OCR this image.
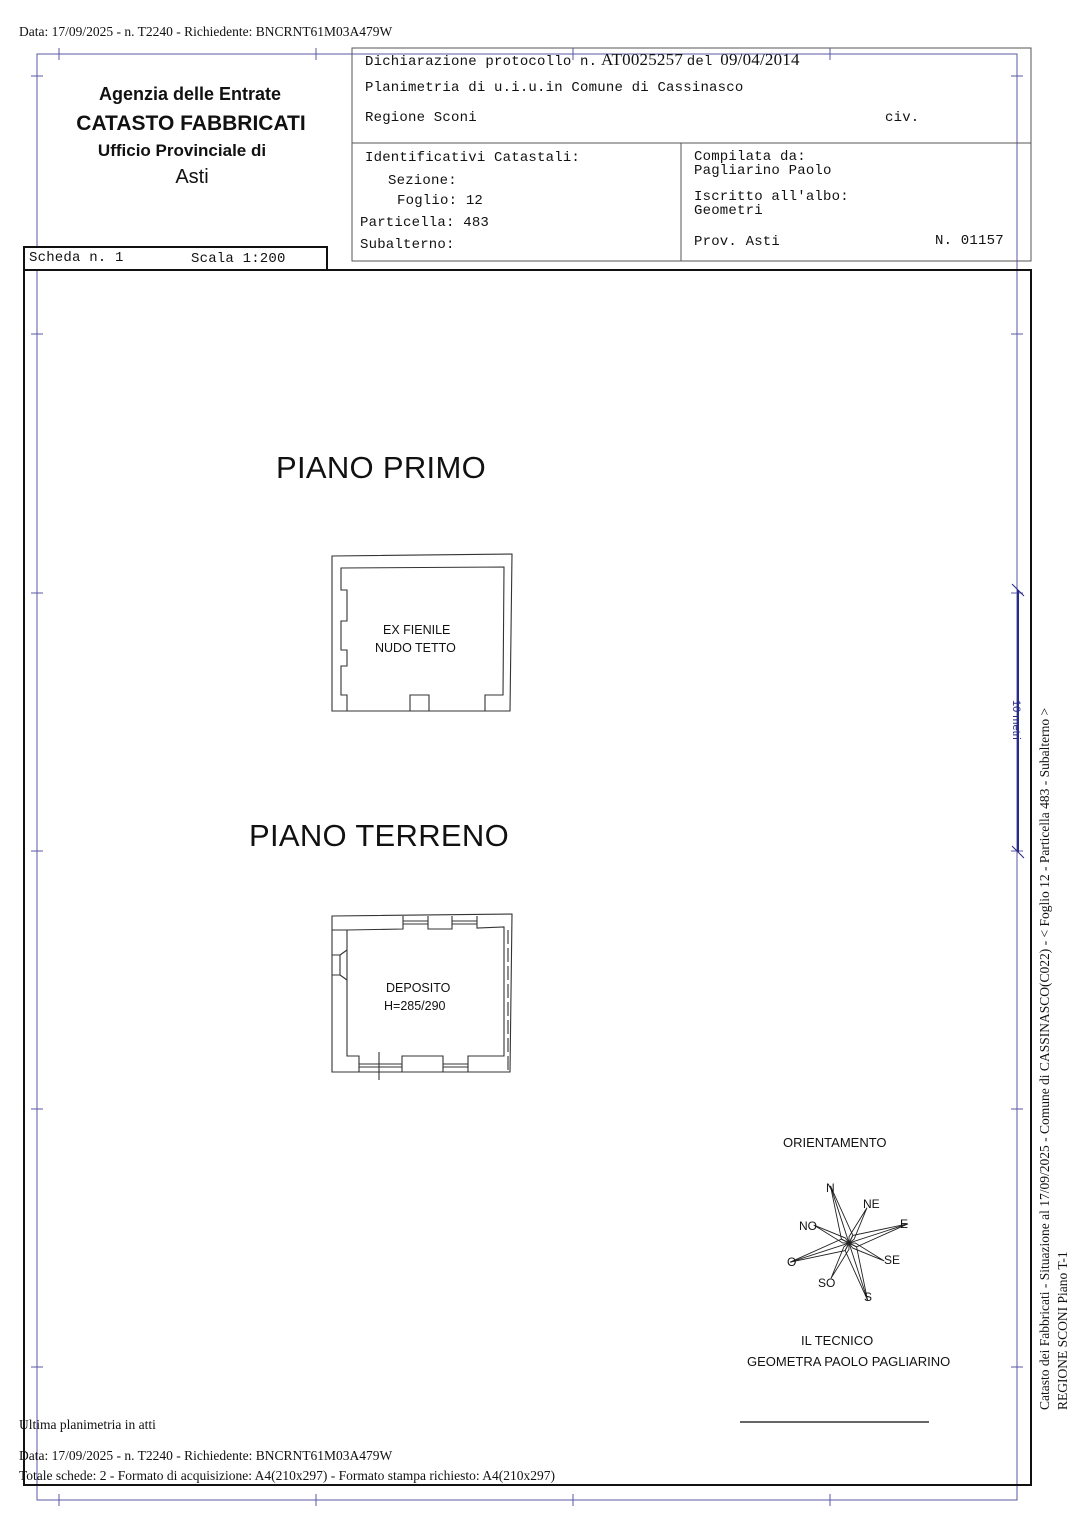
Data: 17/09/2025 - n. T2240 - Richiedente: BNCRNT61M03A479W
Agenzia delle Entrate
CATASTO FABBRICATI
Ufficio Provinciale di
Asti
Scheda n. 1	Scala 1:200
Dichiarazione protocollo n. AT0025257 del 09/04/2014
Planimetria di u.i.u.in Comune di Cassinasco
Regione Sconi	civ.
Identificativi Catastali:
Sezione:
Foglio: 12
Particella: 483
Subalterno:
Compilata da:
Pagliarino Paolo
Iscritto all'albo:
Geometri
Prov. Asti	N. 01157
PIANO PRIMO
EX FIENILE
NUDO TETTO
PIANO TERRENO
DEPOSITO
H=285/290
ORIENTAMENTO
N
NE
E
SE
S
SO
O
NO
IL TECNICO
GEOMETRA PAOLO PAGLIARINO
10 metri Catasto dei Fabbricati - Situazione al 17/09/2025 - Comune di CASSINASCO(C022) - < Foglio 12 - Particella 483 - Subalterno > REGIONE SCONI Piano T-1
Ultima planimetria in atti
Data: 17/09/2025 - n. T2240 - Richiedente: BNCRNT61M03A479W
Totale schede: 2 - Formato di acquisizione: A4(210x297) - Formato stampa richiesto: A4(210x297)
